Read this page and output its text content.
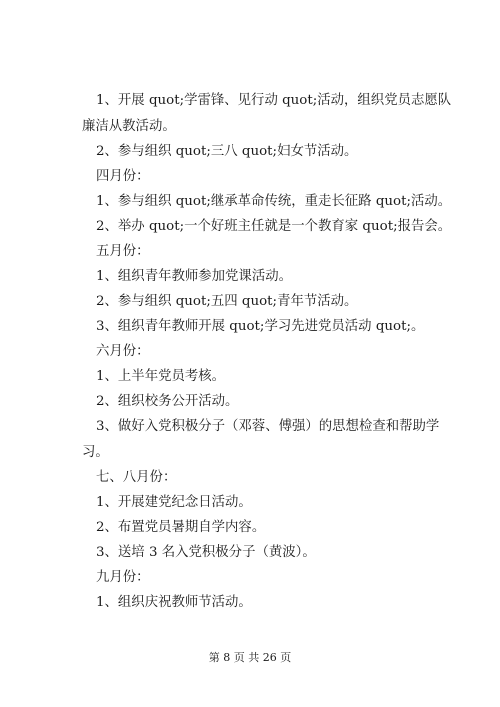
1、开展 quot;学雷锋、见行动 quot;活动，组织党员志愿队
廉洁从教活动。
2、参与组织 quot;三八 quot;妇女节活动。
四月份：
1、参与组织 quot;继承革命传统，重走长征路 quot;活动。
2、举办 quot;一个好班主任就是一个教育家 quot;报告会。
五月份：
1、组织青年教师参加党课活动。
2、参与组织 quot;五四 quot;青年节活动。
3、组织青年教师开展 quot;学习先进党员活动 quot;。
六月份：
1、上半年党员考核。
2、组织校务公开活动。
3、做好入党积极分子（邓蓉、傅强）的思想检查和帮助学
习。
七、八月份：
1、开展建党纪念日活动。
2、布置党员暑期自学内容。
3、送培 3 名入党积极分子（黄波）。
九月份：
1、组织庆祝教师节活动。
第 8 页 共 26 页
